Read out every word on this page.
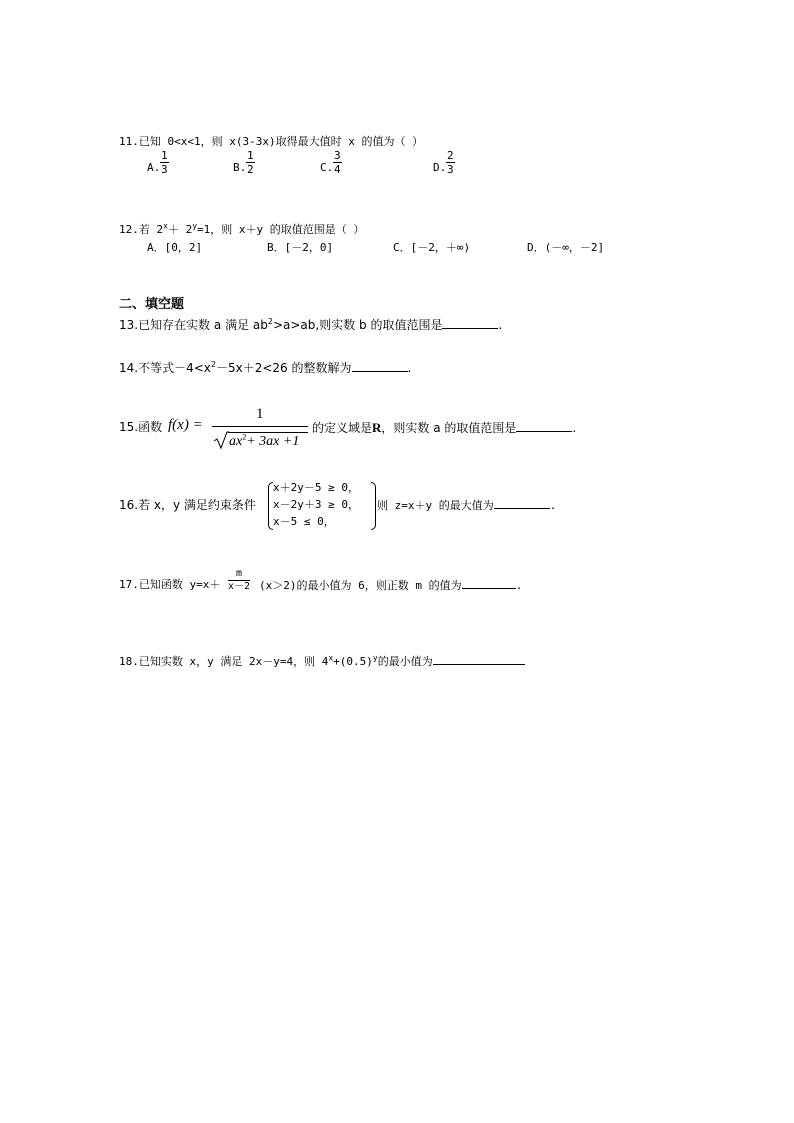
11.已知 0<x<1，则 x(3-3x)取得最大值时 x 的值为（ ）
A.
1
3	B.
1
2	C.
3
4	D.
2
3
12.若 $2^x+ 2^y=1$，则 x＋y 的取值范围是（ ）
A．[0，2]	B．[－2，0]	C．[－2，＋∞)	D．(－∞，－2]
二、填空题
13.已知存在实数 a 满足 $ab^2>a>ab$,则实数 b 的取值范围是	.
14.不等式$-4<x^2-5x+2<26$ 的整数解为	.
15.函数 f(x) =
1
$ax^2+ 3ax +1$
的定义域是R，则实数 a 的取值范围是	.
16.若 x，y 满足约束条件
x＋2y－5 ≥ 0，
x－2y＋3 ≥ 0，
x－5 ≤ 0，
则 z=x＋y 的最大值为	.
17.已知函数 y=x＋
m
x－2 (x＞2)的最小值为 6，则正数 m 的值为	.
18.已知实数 x，y 满足 2x－y=4，则 $4^x+(0.5)^y$的最小值为
